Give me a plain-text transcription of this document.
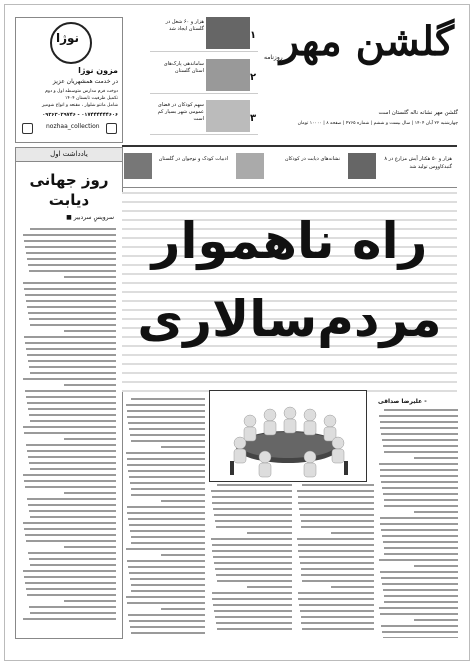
نوژا
مزون نوژا
در خدمت همشهریان عزیز
دوخت فرم مدارس متوسطه اول و دوم
تکمیل ظرفیت تابستان ۱۴۰۴
شامل مانتو شلوار ، مقنعه و انواع شومیز
۰۹۳۶۳۰۲۹۷۴۶ - ۰۱۷۴۴۴۴۴۴۶۰۶
nozhaa_collection
یادداشت اول
روز جهانی دیابت
■ سرویسِ سردبیر
گلشن مهر
روزنامه
گلشن مهر نشانه ناله گلستان است
چهارشنبه ۲۲ آبان ۱۴۰۴ | سال بیست و ششم | شماره ۴۷۶۵ | صفحه ۸ | ۱۰۰۰۰ تومان
هزار و ۶۰ شغل در گلستان ایجاد شد
ساماندهی پارک‌های استان گلستان
سهم کودکان در فضای عمومی شهر بسیار کم است
۱
۲
۳
ادبیات کودک و نوجوان در گلستان	نشانه‌های دیابت در کودکان	۸ هزار و ۵۰ هکتار آیش مزارع در گنبدکاووس تولید شد
راه ناهموار
مردم‌سالاری
علیرضا صداقی -
